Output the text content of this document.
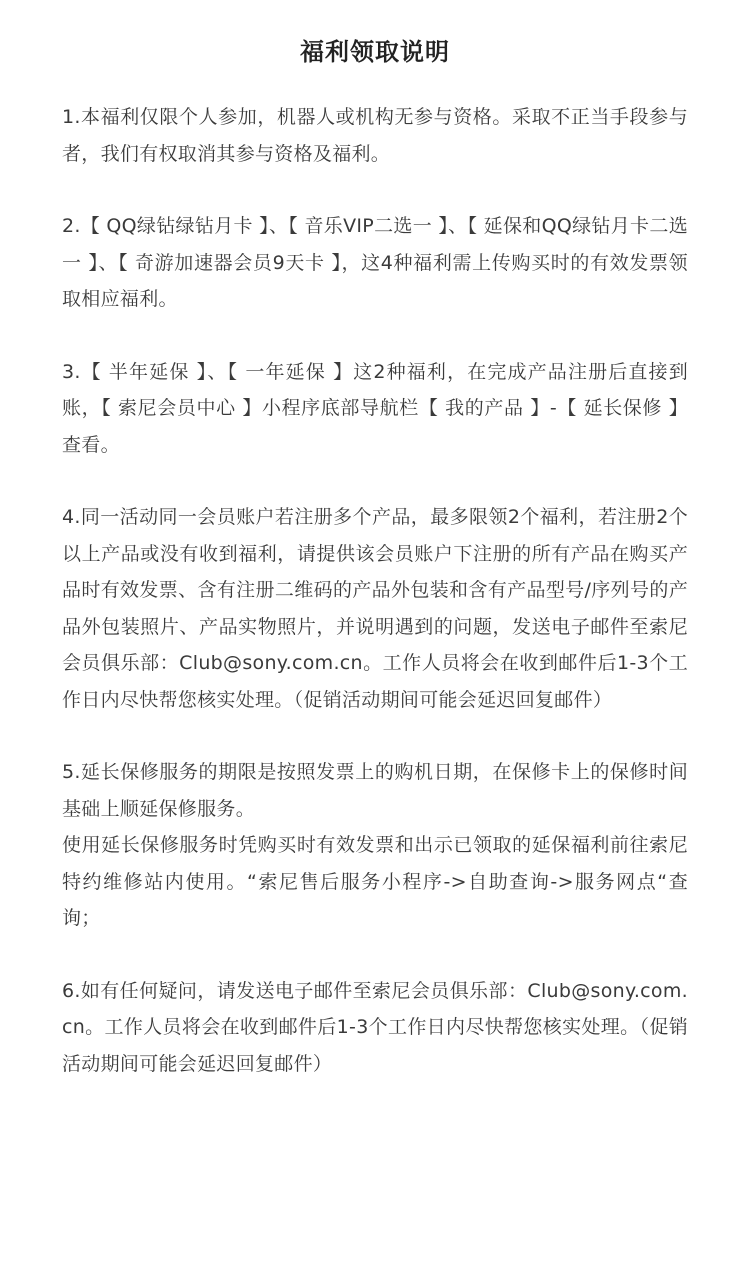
福利领取说明

1.本福利仅限个人参加，机器人或机构无参与资格。采取不正当手段参与者，我们有权取消其参与资格及福利。

2.【 QQ绿钻绿钻月卡 】、【 音乐VIP二选一 】、【 延保和QQ绿钻月卡二选一 】、【 奇游加速器会员9天卡 】，这4种福利需上传购买时的有效发票领取相应福利。

3.【 半年延保 】、【 一年延保 】这2种福利，在完成产品注册后直接到账，【 索尼会员中心 】小程序底部导航栏【 我的产品 】-【 延长保修 】查看。

4.同一活动同一会员账户若注册多个产品，最多限领2个福利，若注册2个以上产品或没有收到福利，请提供该会员账户下注册的所有产品在购买产品时有效发票、含有注册二维码的产品外包装和含有产品型号/序列号的产品外包装照片、产品实物照片，并说明遇到的问题，发送电子邮件至索尼会员俱乐部：Club@sony.com.cn。工作人员将会在收到邮件后1-3个工作日内尽快帮您核实处理。（促销活动期间可能会延迟回复邮件）

5.延长保修服务的期限是按照发票上的购机日期，在保修卡上的保修时间基础上顺延保修服务。

使用延长保修服务时凭购买时有效发票和出示已领取的延保福利前往索尼特约维修站内使用。“索尼售后服务小程序->自助查询->服务网点“查询；

6.如有任何疑问，请发送电子邮件至索尼会员俱乐部：Club@sony.com.cn。工作人员将会在收到邮件后1-3个工作日内尽快帮您核实处理。（促销活动期间可能会延迟回复邮件）
